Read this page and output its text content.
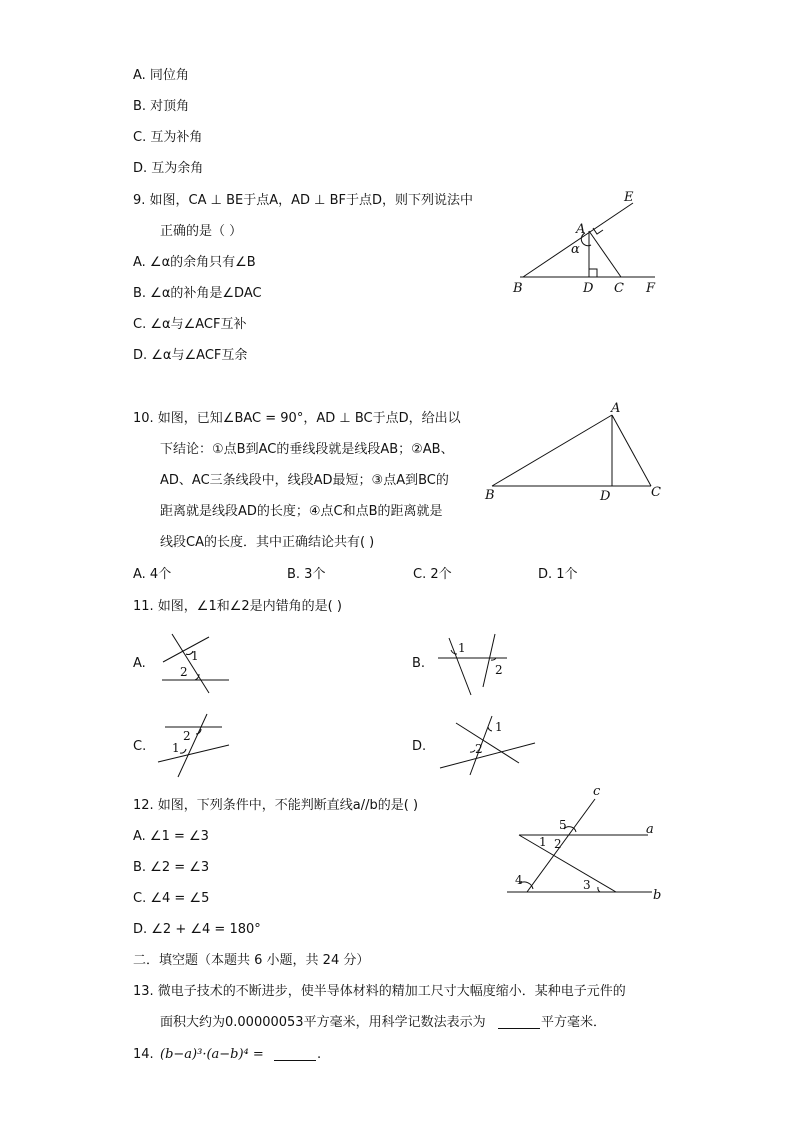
A. 同位角
B. 对顶角
C. 互为补角
D. 互为余角
9. 如图，CA ⊥ BE于点A，AD ⊥ BF于点D，则下列说法中
正确的是（ ）
A. ∠α的余角只有∠B
B. ∠α的补角是∠DAC
C. ∠α与∠ACF互补
D. ∠α与∠ACF互余
E
A
α
B	D C F
10. 如图，已知∠BAC = 90°，AD ⊥ BC于点D，给出以
下结论：①点B到AC的垂线段就是线段AB；②AB、
AD、AC三条线段中，线段AD最短；③点A到BC的
距离就是线段AD的长度；④点C和点B的距离就是
线段CA的长度．其中正确结论共有( )
A. 4个	B. 3个	C. 2个	D. 1个
A
B	D	C
11. 如图，∠1和∠2是内错角的是( )
A.	B.
C.	D.
1
2
1
2
2
1
1
2
12. 如图，下列条件中，不能判断直线a//b的是( )
A. ∠1 = ∠3
B. ∠2 = ∠3
C. ∠4 = ∠5
D. ∠2 + ∠4 = 180°
c
a
b
1 2
5
4	3
二．填空题（本题共 6 小题，共 24 分）
13. 微电子技术的不断进步，使半导体材料的精加工尺寸大幅度缩小．某种电子元件的
面积大约为0.00000053平方毫米，用科学记数法表示为	平方毫米．
14. (b−a)³·(a−b)⁴ =	.
